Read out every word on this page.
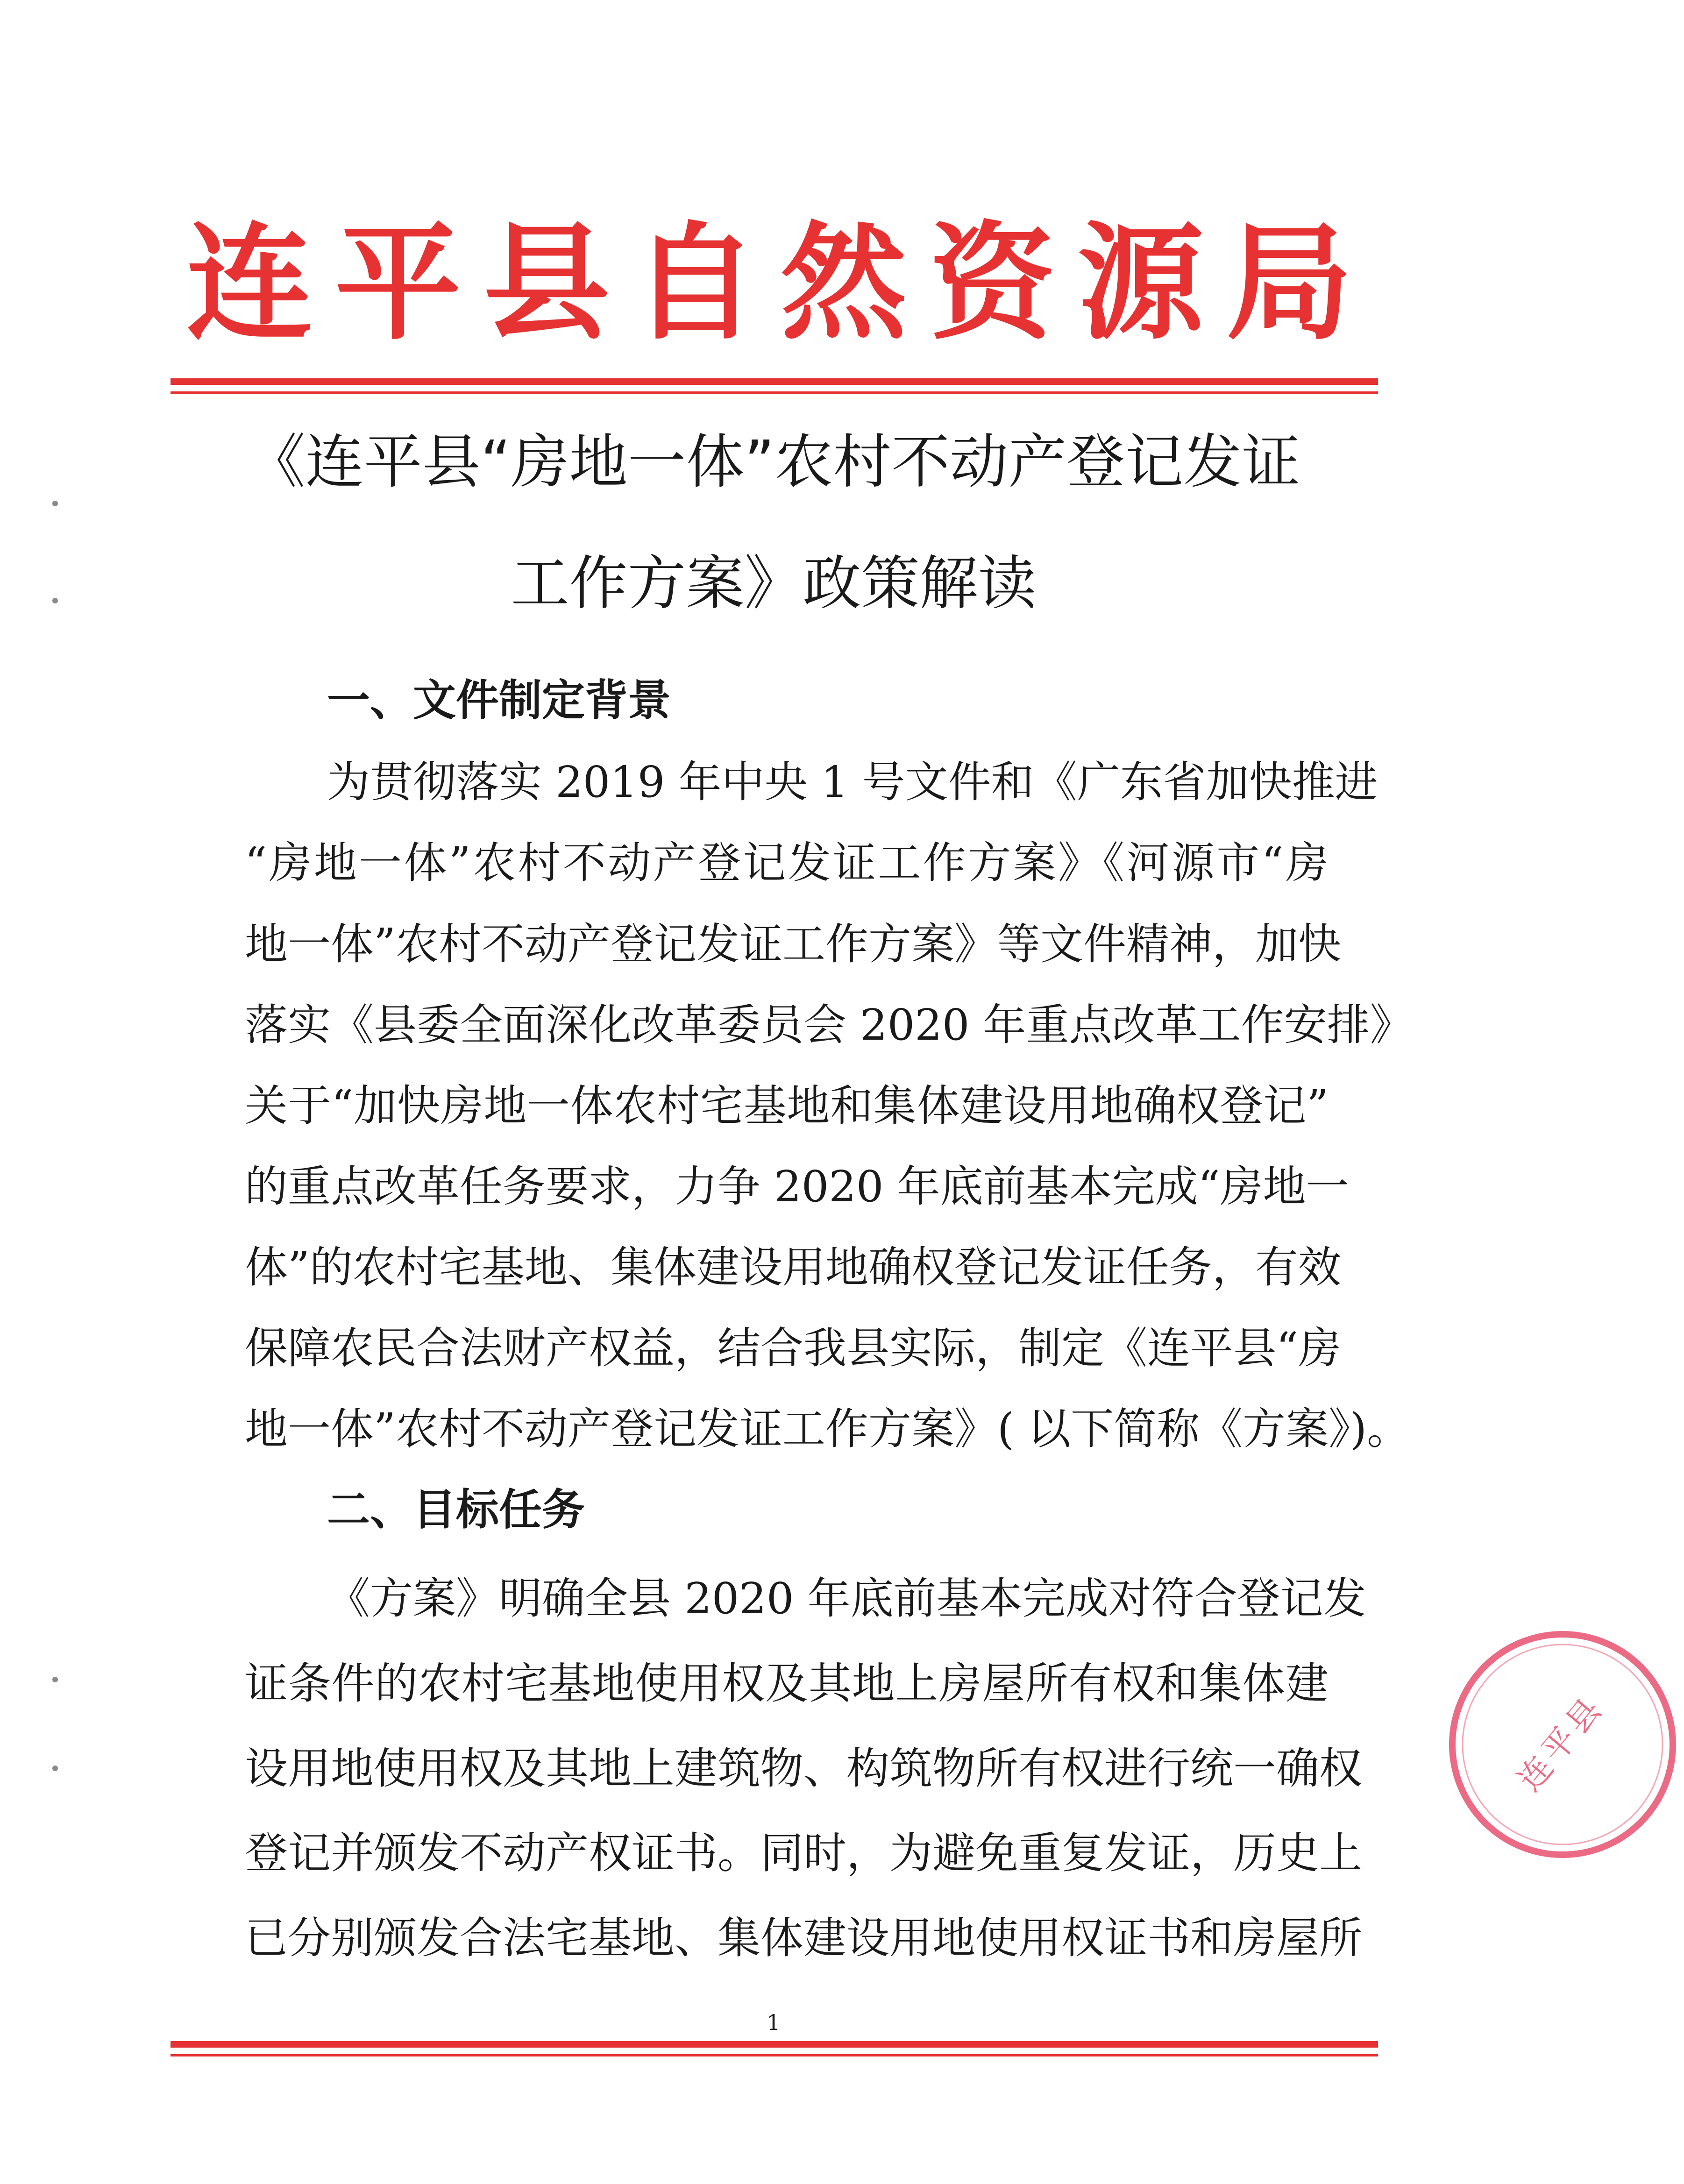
连平县自然资源局
《连平县“房地一体”农村不动产登记发证
工作方案》政策解读
一、文件制定背景
为贯彻落实 2019 年中央 1 号文件和《广东省加快推进
“房地一体”农村不动产登记发证工作方案》《河源市“房
地一体”农村不动产登记发证工作方案》等文件精神，加快
落实《县委全面深化改革委员会 2020 年重点改革工作安排》
关于“加快房地一体农村宅基地和集体建设用地确权登记”
的重点改革任务要求，力争 2020 年底前基本完成“房地一
体”的农村宅基地、集体建设用地确权登记发证任务，有效
保障农民合法财产权益，结合我县实际，制定《连平县“房
地一体”农村不动产登记发证工作方案》( 以下简称《方案》)。
二、目标任务
《方案》明确全县 2020 年底前基本完成对符合登记发
证条件的农村宅基地使用权及其地上房屋所有权和集体建
设用地使用权及其地上建筑物、构筑物所有权进行统一确权
登记并颁发不动产权证书。同时，为避免重复发证，历史上
已分别颁发合法宅基地、集体建设用地使用权证书和房屋所
1
连平县
